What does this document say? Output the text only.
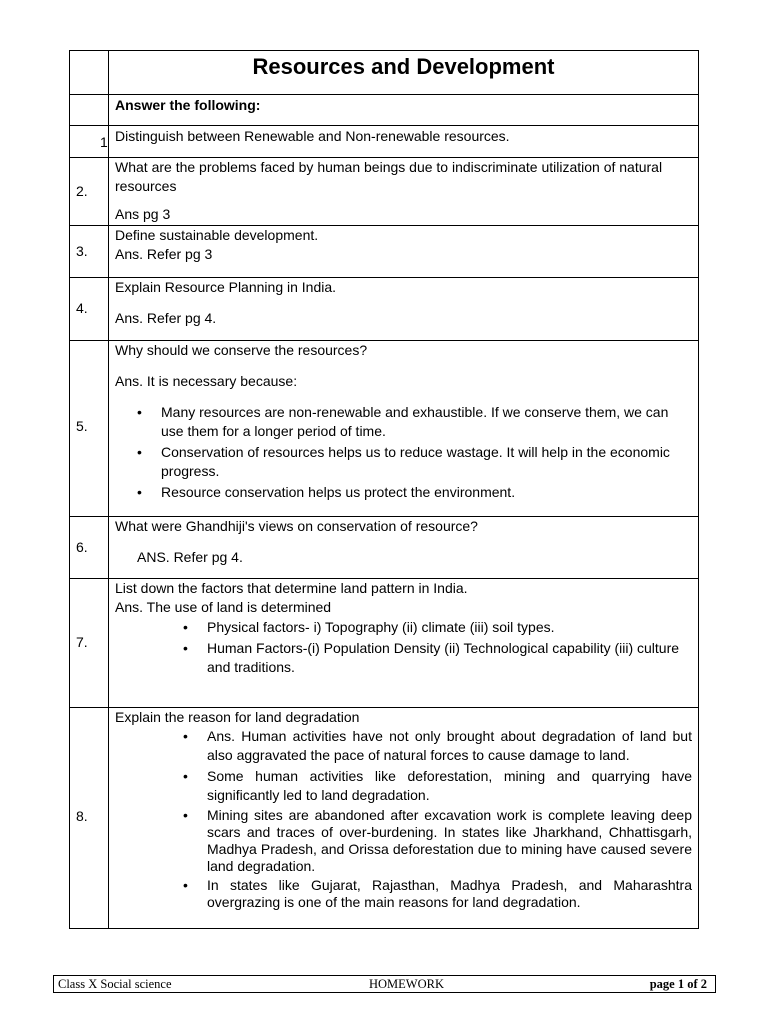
Resources and Development
Answer the following:
1 Distinguish between Renewable and Non-renewable resources.
2.

What are the problems faced by human beings due to indiscriminate utilization of natural resources

Ans pg 3

3.

Define sustainable development.

Ans. Refer pg 3

4.

Explain Resource Planning in India.

Ans. Refer pg 4.

5.

Why should we conserve the resources?

Ans. It is necessary because:

• Many resources are non-renewable and exhaustible. If we conserve them, we can use them for a longer period of time.
• Conservation of resources helps us to reduce wastage. It will help in the economic progress.
• Resource conservation helps us protect the environment.
6.

What were Ghandhiji's views on conservation of resource?

ANS. Refer pg 4.

7.

List down the factors that determine land pattern in India.

Ans. The use of land is determined

• Physical factors- i) Topography (ii) climate (iii) soil types.
• Human Factors-(i) Population Density (ii) Technological capability (iii) culture and traditions.
8.

Explain the reason for land degradation

• Ans. Human activities have not only brought about degradation of land but also aggravated the pace of natural forces to cause damage to land.
• Some human activities like deforestation, mining and quarrying have significantly led to land degradation.
• Mining sites are abandoned after excavation work is complete leaving deep scars and traces of over-burdening. In states like Jharkhand, Chhattisgarh, Madhya Pradesh, and Orissa deforestation due to mining have caused severe land degradation.
• In states like Gujarat, Rajasthan, Madhya Pradesh, and Maharashtra overgrazing is one of the main reasons for land degradation.
Class X Social science	HOMEWORK	page 1 of 2
